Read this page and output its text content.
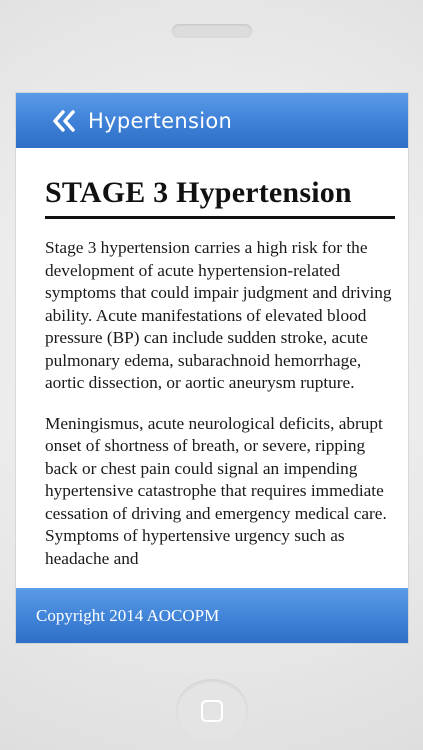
Hypertension
STAGE 3 Hypertension

Stage 3 hypertension carries a high risk for the development of acute hypertension-related symptoms that could impair judgment and driving ability. Acute manifestations of elevated blood pressure (BP) can include sudden stroke, acute pulmonary edema, subarachnoid hemorrhage, aortic dissection, or aortic aneurysm rupture.

Meningismus, acute neurological deficits, abrupt onset of shortness of breath, or severe, ripping back or chest pain could signal an impending hypertensive catastrophe that requires immediate cessation of driving and emergency medical care. Symptoms of hypertensive urgency such as headache and

Copyright 2014 AOCOPM
